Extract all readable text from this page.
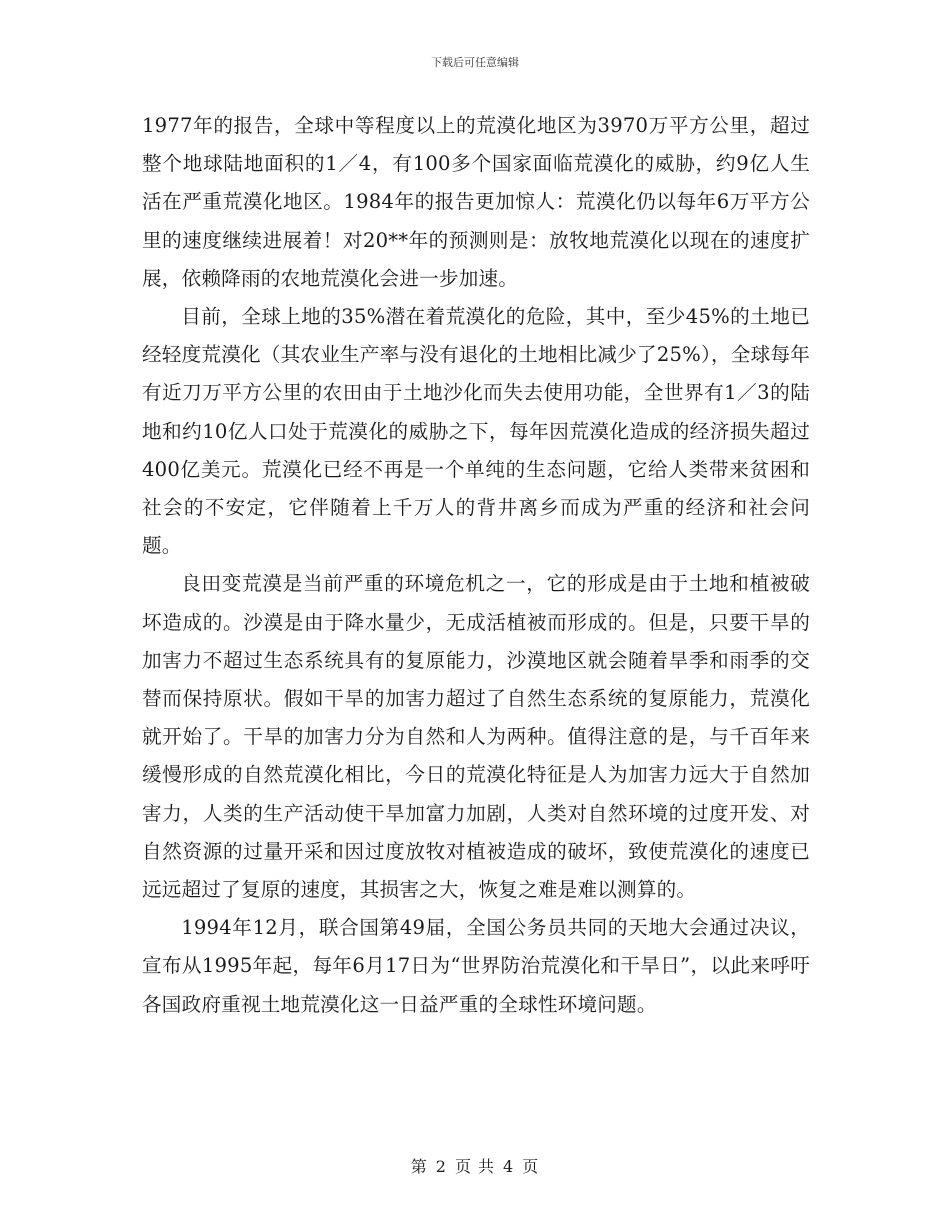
下载后可任意编辑

1977年的报告，全球中等程度以上的荒漠化地区为3970万平方公里，超过整个地球陆地面积的1／4，有100多个国家面临荒漠化的威胁，约9亿人生活在严重荒漠化地区。1984年的报告更加惊人：荒漠化仍以每年6万平方公里的速度继续进展着！对20**年的预测则是：放牧地荒漠化以现在的速度扩展，依赖降雨的农地荒漠化会进一步加速。

目前，全球上地的35%潜在着荒漠化的危险，其中，至少45%的土地已经轻度荒漠化（其农业生产率与没有退化的土地相比减少了25%），全球每年有近刀万平方公里的农田由于土地沙化而失去使用功能，全世界有1／3的陆地和约10亿人口处于荒漠化的威胁之下，每年因荒漠化造成的经济损失超过400亿美元。荒漠化已经不再是一个单纯的生态问题，它给人类带来贫困和社会的不安定，它伴随着上千万人的背井离乡而成为严重的经济和社会问题。

良田变荒漠是当前严重的环境危机之一，它的形成是由于土地和植被破坏造成的。沙漠是由于降水量少，无成活植被而形成的。但是，只要干旱的加害力不超过生态系统具有的复原能力，沙漠地区就会随着旱季和雨季的交替而保持原状。假如干旱的加害力超过了自然生态系统的复原能力，荒漠化就开始了。干旱的加害力分为自然和人为两种。值得注意的是，与千百年来缓慢形成的自然荒漠化相比，今日的荒漠化特征是人为加害力远大于自然加害力，人类的生产活动使干旱加富力加剧，人类对自然环境的过度开发、对自然资源的过量开采和因过度放牧对植被造成的破坏，致使荒漠化的速度已远远超过了复原的速度，其损害之大，恢复之难是难以测算的。

1994年12月，联合国第49届，全国公务员共同的天地大会通过决议，宣布从1995年起，每年6月17日为“世界防治荒漠化和干旱日”，以此来呼吁各国政府重视土地荒漠化这一日益严重的全球性环境问题。

第 2 页 共 4 页
